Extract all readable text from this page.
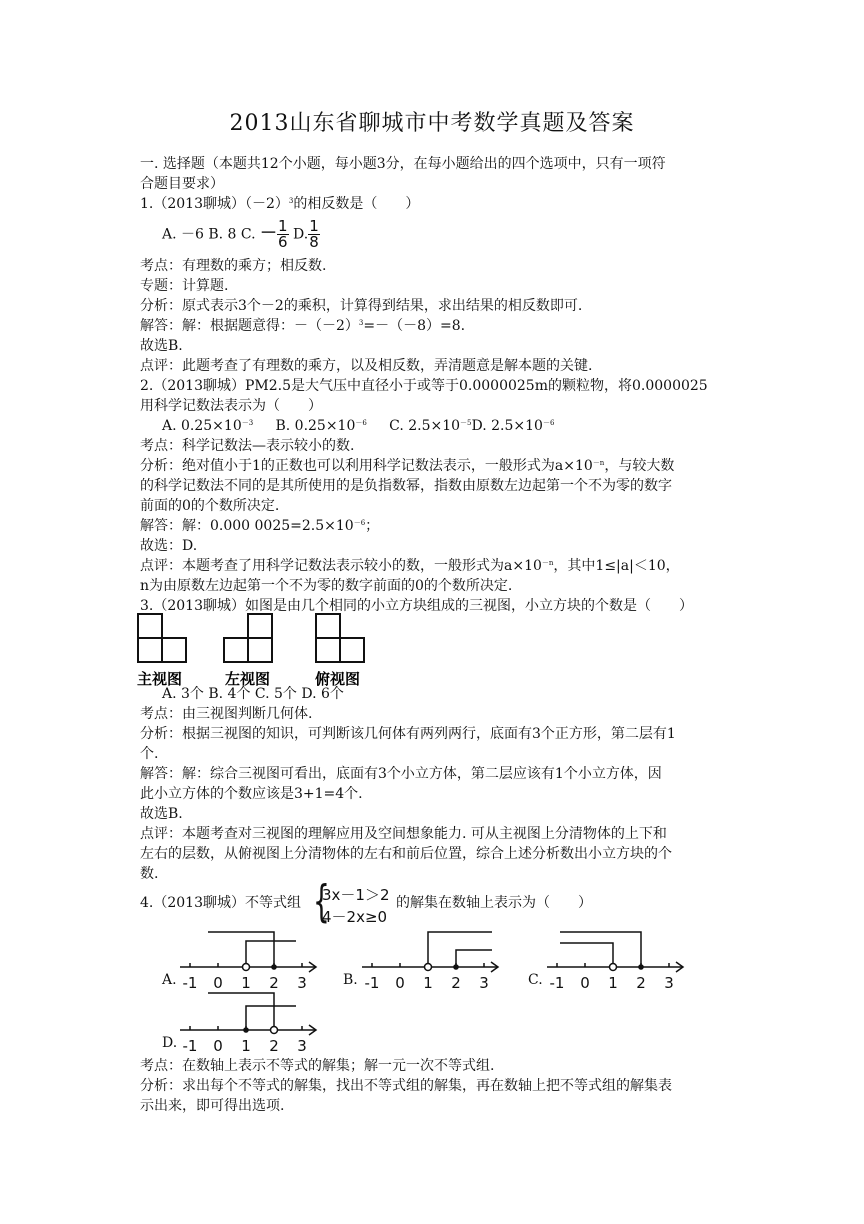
2013山东省聊城市中考数学真题及答案
一. 选择题（本题共12个小题，每小题3分，在每小题给出的四个选项中，只有一项符
合题目要求）
1.（2013聊城）$(-2)^3$的相反数是（　　）
A. －6 B. 8 C. － $\frac{1}{6} D$. $\frac{1}{8}$
考点：有理数的乘方；相反数.
专题：计算题.
分析：原式表示3个－2的乘积，计算得到结果，求出结果的相反数即可.
解答：解：根据题意得：$-(-2)^3=-(-8)=8$.
故选B.
点评：此题考查了有理数的乘方，以及相反数，弄清题意是解本题的关键.
2.（2013聊城）PM2.5是大气压中直径小于或等于0.0000025m的颗粒物，将0.0000025
用科学记数法表示为（　　）
A. $0.25\times 10^{-3}$ B. $0.25\times 10^{-6}$ C. $2.5\times 10^{-5}D$. $2.5\times 10^{-6}$
考点：科学记数法—表示较小的数.
分析：绝对值小于1的正数也可以利用科学记数法表示，一般形式为$a\times 10^{-n}$，与较大数
的科学记数法不同的是其所使用的是负指数幂，指数由原数左边起第一个不为零的数字
前面的0的个数所决定.
解答：解：0.000 $0025=2.5\times 10^{-6}$；
故选：D.
点评：本题考查了用科学记数法表示较小的数，一般形式为$a\times 10^{-n}$，其中1≤|a|＜10，
n为由原数左边起第一个不为零的数字前面的0的个数所决定.
3.（2013聊城）如图是由几个相同的小立方块组成的三视图，小立方块的个数是（　　）
主视图	左视图	俯视图
A. 3个 B. 4个 C. 5个 D. 6个
考点：由三视图判断几何体.
分析：根据三视图的知识，可判断该几何体有两列两行，底面有3个正方形，第二层有1
个.
解答：解：综合三视图可看出，底面有3个小立方体，第二层应该有1个小立方体，因
此小立方体的个数应该是3+1=4个.
故选B.
点评：本题考查对三视图的理解应用及空间想象能力. 可从主视图上分清物体的上下和
左右的层数，从俯视图上分清物体的左右和前后位置，综合上述分析数出小立方块的个
数.
4.（2013聊城）不等式组 {
3x－1＞2
4－2x≥0
的解集在数轴上表示为（　　）
A. -1 0 1 2 3	B. -1 0 1 2 3	C. -1 0 1 2 3
D. -1 0 1 2 3
考点：在数轴上表示不等式的解集；解一元一次不等式组.
分析：求出每个不等式的解集，找出不等式组的解集，再在数轴上把不等式组的解集表
示出来，即可得出选项.
